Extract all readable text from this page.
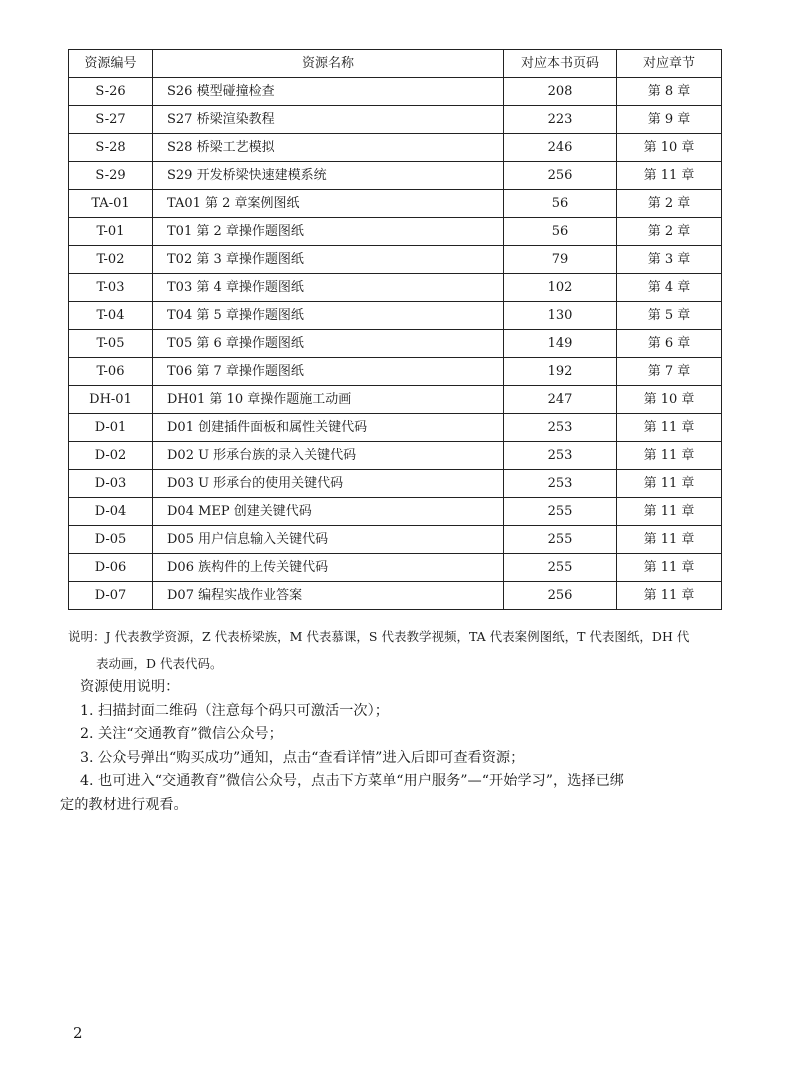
资源编号	资源名称	对应本书页码	对应章节
S-26	S26 模型碰撞检查	208	第 8 章
S-27	S27 桥梁渲染教程	223	第 9 章
S-28	S28 桥梁工艺模拟	246	第 10 章
S-29	S29 开发桥梁快速建模系统	256	第 11 章
TA-01	TA01 第 2 章案例图纸	56	第 2 章
T-01	T01 第 2 章操作题图纸	56	第 2 章
T-02	T02 第 3 章操作题图纸	79	第 3 章
T-03	T03 第 4 章操作题图纸	102	第 4 章
T-04	T04 第 5 章操作题图纸	130	第 5 章
T-05	T05 第 6 章操作题图纸	149	第 6 章
T-06	T06 第 7 章操作题图纸	192	第 7 章
DH-01	DH01 第 10 章操作题施工动画	247	第 10 章
D-01	D01 创建插件面板和属性关键代码	253	第 11 章
D-02	D02 U 形承台族的录入关键代码	253	第 11 章
D-03	D03 U 形承台的使用关键代码	253	第 11 章
D-04	D04 MEP 创建关键代码	255	第 11 章
D-05	D05 用户信息输入关键代码	255	第 11 章
D-06	D06 族构件的上传关键代码	255	第 11 章
D-07	D07 编程实战作业答案	256	第 11 章
说明：J 代表教学资源，Z 代表桥梁族，M 代表慕课，S 代表教学视频，TA 代表案例图纸，T 代表图纸，DH 代
表动画，D 代表代码。
资源使用说明：
1. 扫描封面二维码（注意每个码只可激活一次）；
2. 关注“交通教育”微信公众号；
3. 公众号弹出“购买成功”通知，点击“查看详情”进入后即可查看资源；
4. 也可进入“交通教育”微信公众号，点击下方菜单“用户服务”—“开始学习”，选择已绑
定的教材进行观看。
2
